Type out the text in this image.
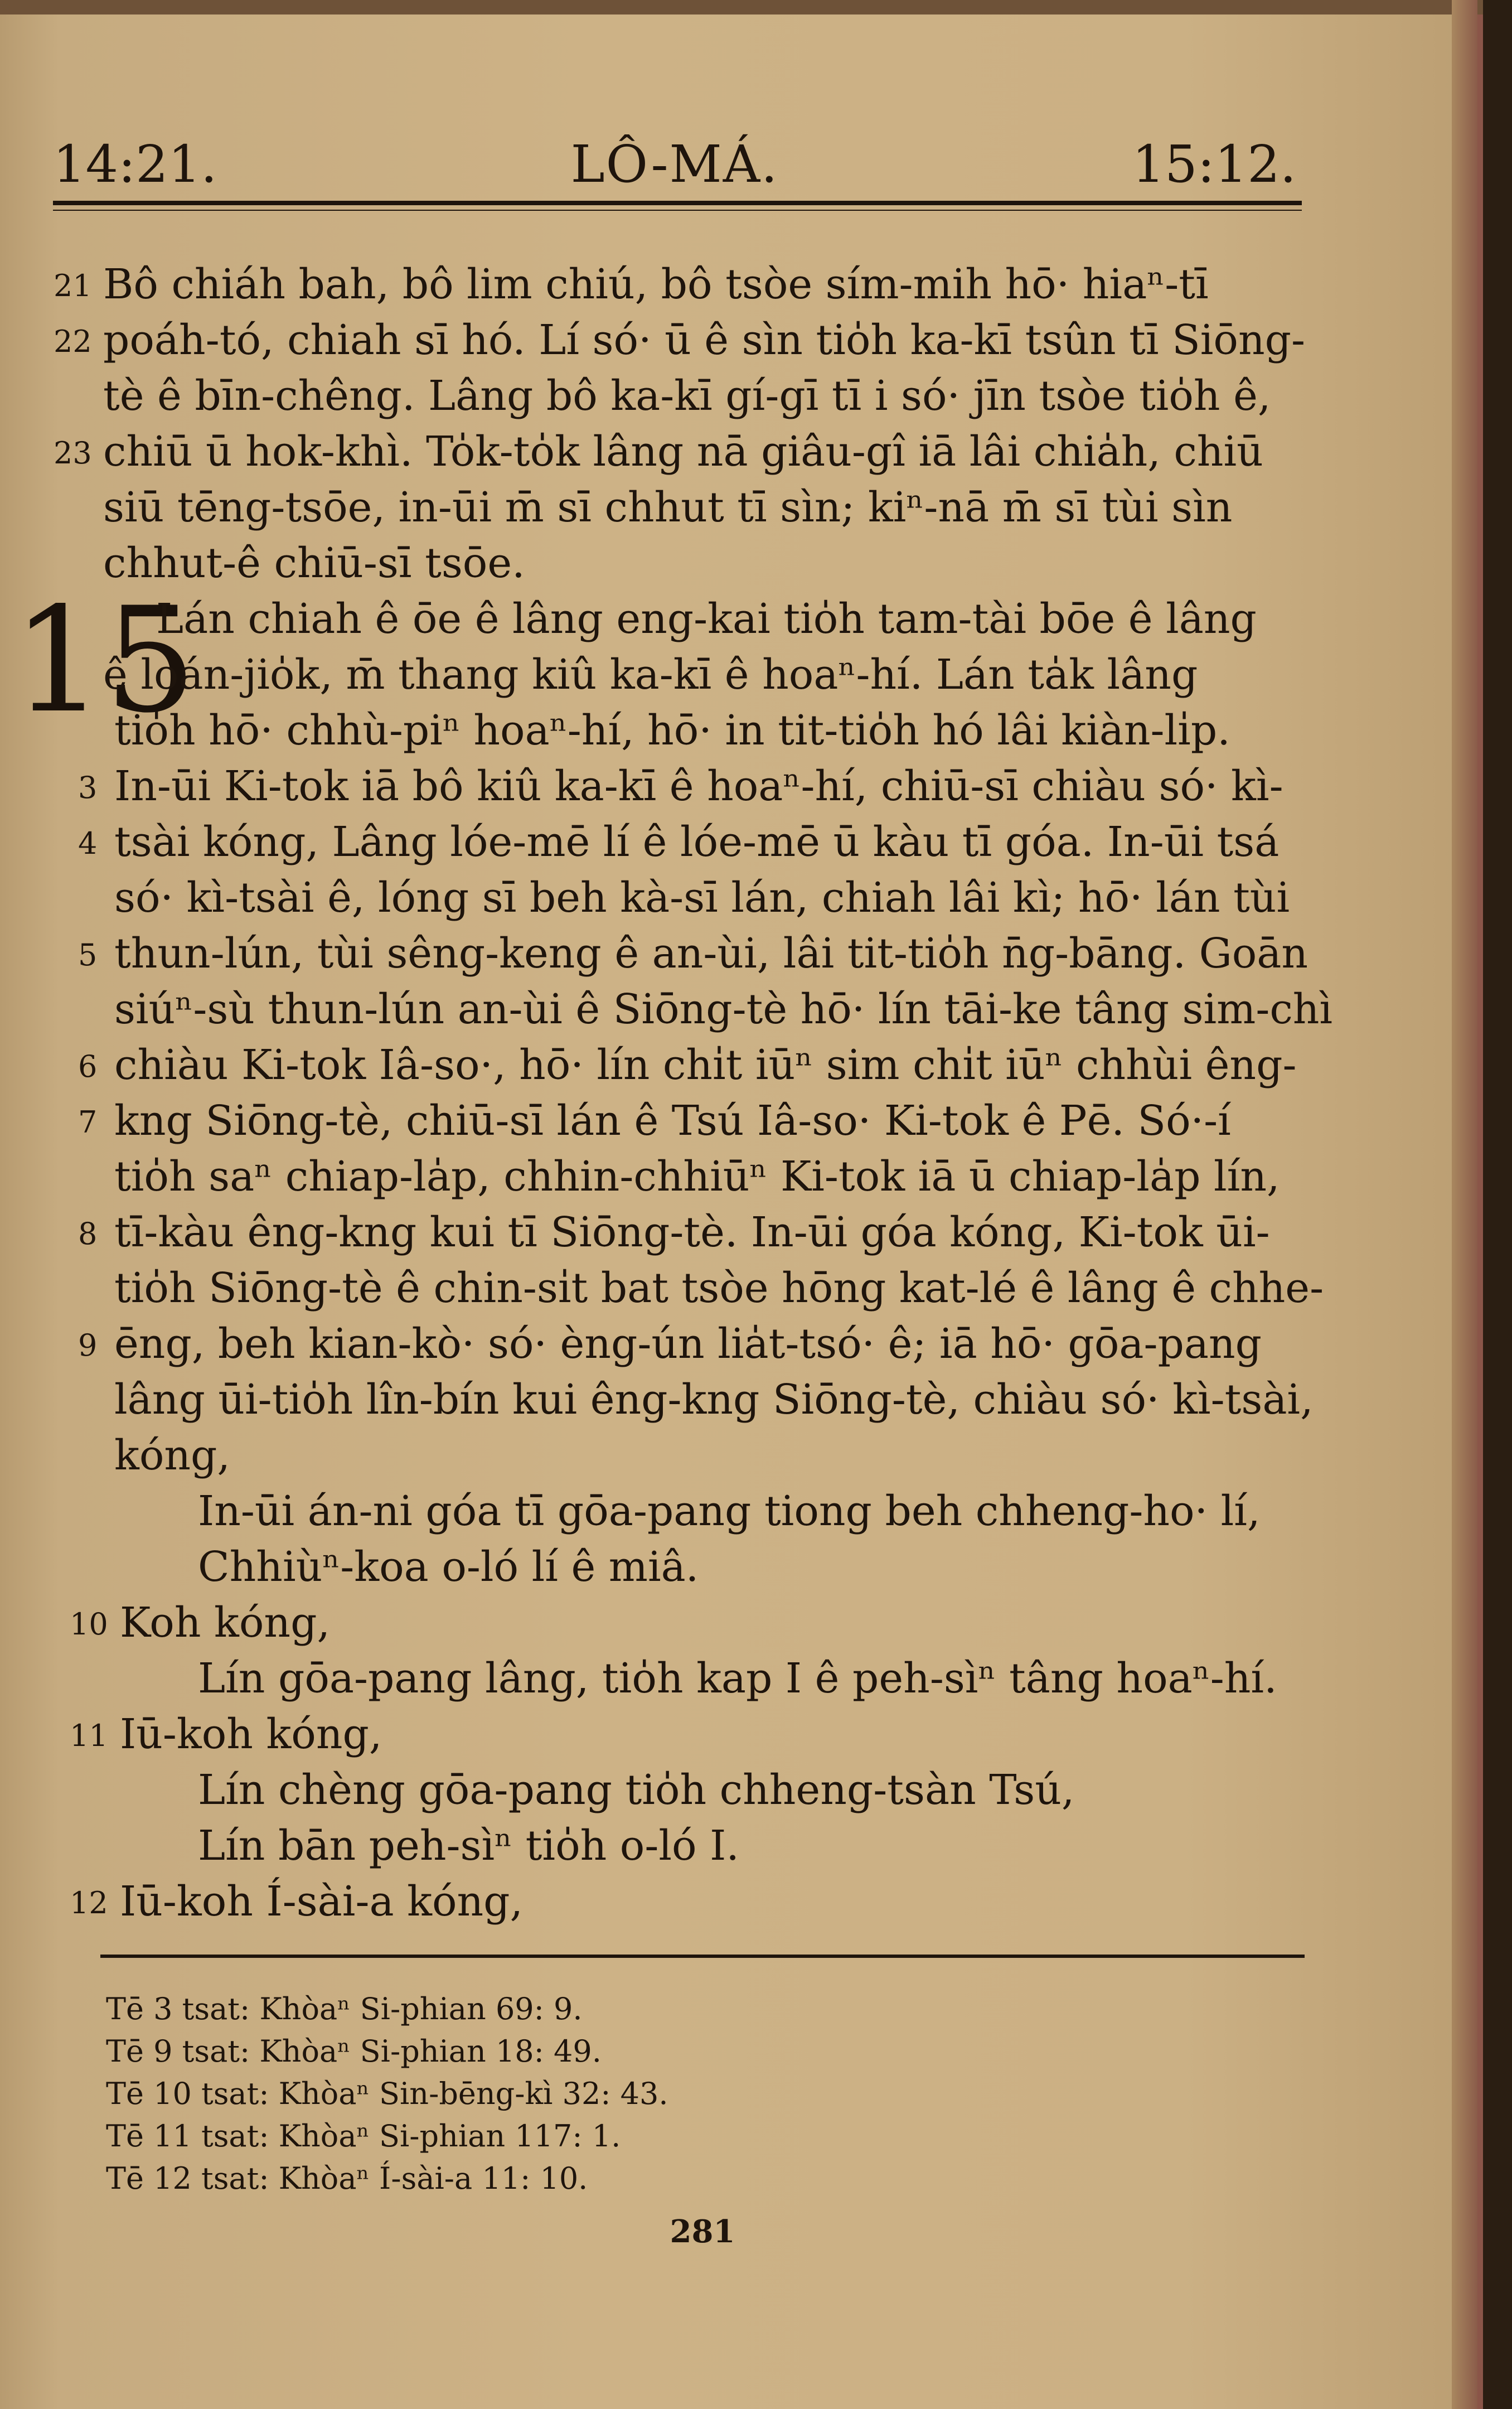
14:21.	LÔ-MÁ.	15:12.
15
21
22
23
3
4
5
6
7
8
9
10
11
12
Bô chiáh bah, bô lim chiú, bô tsòe sím-mih hō· hiaⁿ-tī
poáh-tó, chiah sī hó. Lí só· ū ê sìn tio̍h ka-kī tsûn tī Siōng-
tè ê bīn-chêng. Lâng bô ka-kī gí-gī tī i só· jīn tsòe tio̍h ê,
chiū ū hok-khì. To̍k-to̍k lâng nā giâu-gî iā lâi chia̍h, chiū
siū tēng-tsōe, in-ūi m̄ sī chhut tī sìn; kiⁿ-nā m̄ sī tùi sìn
chhut-ê chiū-sī tsōe.
Lán chiah ê ōe ê lâng eng-kai tio̍h tam-tài bōe ê lâng
ê loán-jio̍k, m̄ thang kiû ka-kī ê hoaⁿ-hí. Lán ta̍k lâng
tio̍h hō· chhù-piⁿ hoaⁿ-hí, hō· in tit-tio̍h hó lâi kiàn-li̍p.
In-ūi Ki-tok iā bô kiû ka-kī ê hoaⁿ-hí, chiū-sī chiàu só· kì-
tsài kóng, Lâng lóe-mē lí ê lóe-mē ū kàu tī góa. In-ūi tsá
só· kì-tsài ê, lóng sī beh kà-sī lán, chiah lâi kì; hō· lán tùi
thun-lún, tùi sêng-keng ê an-ùi, lâi tit-tio̍h n̄g-bāng. Goān
siúⁿ-sù thun-lún an-ùi ê Siōng-tè hō· lín tāi-ke tâng sim-chì
chiàu Ki-tok Iâ-so·, hō· lín chi̍t iūⁿ sim chi̍t iūⁿ chhùi êng-
kng Siōng-tè, chiū-sī lán ê Tsú Iâ-so· Ki-tok ê Pē. Só·-í
tio̍h saⁿ chiap-la̍p, chhin-chhiūⁿ Ki-tok iā ū chiap-la̍p lín,
tī-kàu êng-kng kui tī Siōng-tè. In-ūi góa kóng, Ki-tok ūi-
tio̍h Siōng-tè ê chin-si̍t bat tsòe hōng kat-lé ê lâng ê chhe-
ēng, beh kian-kò· só· èng-ún lia̍t-tsó· ê; iā hō· gōa-pang
lâng ūi-tio̍h lîn-bín kui êng-kng Siōng-tè, chiàu só· kì-tsài,
kóng,
In-ūi án-ni góa tī gōa-pang tiong beh chheng-ho· lí,
Chhiùⁿ-koa o-ló lí ê miâ.
Koh kóng,
Lín gōa-pang lâng, tio̍h kap I ê peh-sìⁿ tâng hoaⁿ-hí.
Iū-koh kóng,
Lín chèng gōa-pang tio̍h chheng-tsàn Tsú,
Lín bān peh-sìⁿ tio̍h o-ló I.
Iū-koh Í-sài-a kóng,
Tē 3 tsat: Khòaⁿ Si-phian 69: 9.
Tē 9 tsat: Khòaⁿ Si-phian 18: 49.
Tē 10 tsat: Khòaⁿ Sin-bēng-kì 32: 43.
Tē 11 tsat: Khòaⁿ Si-phian 117: 1.
Tē 12 tsat: Khòaⁿ Í-sài-a 11: 10.
281
